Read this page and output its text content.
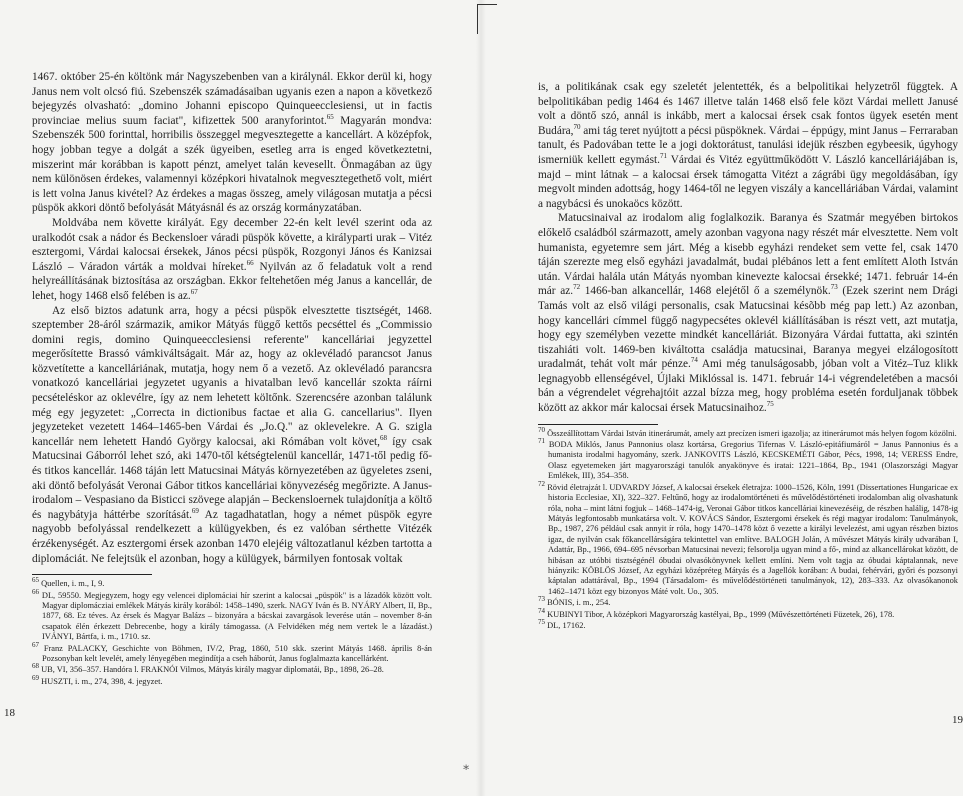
1467. október 25-én költönk már Nagyszebenben van a királynál. Ekkor derül ki, hogy Janus nem volt olcsó fiú. Szebenszék számadásaiban ugyanis ezen a napon a következő bejegyzés olvasható: „domino Johanni episcopo Quinqueecclesiensi, ut in factis provinciae melius suum faciat", kifizettek 500 aranyforintot.$^{65}$ Magyarán mondva: Szebenszék 500 forinttal, horribilis összeggel megvesztegette a kancellárt. A középfok, hogy jobban tegye a dolgát a szék ügyeiben, esetleg arra is enged következtetni, miszerint már korábban is kapott pénzt, amelyet talán kevesellt. Önmagában az ügy nem különösen érdekes, valamennyi középkori hivatalnok megvesztegethető volt, miért is lett volna Janus kivétel? Az érdekes a magas összeg, amely világosan mutatja a pécsi püspök akkori döntő befolyását Mátyásnál és az ország kormányzatában.

Moldvába nem követte királyát. Egy december 22-én kelt levél szerint oda az uralkodót csak a nádor és Beckensloer váradi püspök követte, a királyparti urak – Vitéz esztergomi, Várdai kalocsai érsekek, János pécsi püspök, Rozgonyi János és Kanizsai László – Váradon várták a moldvai híreket.$^{66}$ Nyilván az ő feladatuk volt a rend helyreállításának biztosítása az országban. Ekkor feltehetően még Janus a kancellár, de lehet, hogy 1468 első felében is az.$^{67}$

Az első biztos adatunk arra, hogy a pécsi püspök elvesztette tisztségét, 1468. szeptember 28-áról származik, amikor Mátyás függő kettős pecséttel és „Commissio domini regis, domino Quinqueecclesiensi referente" kancelláriai jegyzettel megerősítette Brassó vámkiváltságait. Már az, hogy az oklevéladó parancsot Janus közvetítette a kancelláriának, mutatja, hogy nem ő a vezető. Az oklevéladó parancsra vonatkozó kancelláriai jegyzetet ugyanis a hivatalban levő kancellár szokta ráírni pecsételéskor az oklevélre, így az nem lehetett költőnk. Szerencsére azonban találunk még egy jegyzetet: „Correcta in dictionibus factae et alia G. cancellarius". Ilyen jegyzeteket vezetett 1464–1465-ben Várdai és „Jo.Q." az oklevelekre. A G. szigla kancellár nem lehetett Handó György kalocsai, aki Rómában volt követ,$^{68}$ így csak Matucsinai Gáborról lehet szó, aki 1470-től kétségtelenül kancellár, 1471-től pedig fő- és titkos kancellár. 1468 táján lett Matucsinai Mátyás környezetében az ügyeletes zseni, aki döntő befolyását Veronai Gábor titkos kancelláriai könyvezéség megőrizte. A Janus-irodalom – Vespasiano da Bisticci szövege alapján – Beckensloernek tulajdonítja a költő és nagybátyja háttérbe szorítását.$^{69}$ Az tagadhatatlan, hogy a német püspök egyre nagyobb befolyással rendelkezett a külügyekben, és ez valóban sérthette Vitézék érzékenységét. Az esztergomi érsek azonban 1470 elejéig változatlanul kézben tartotta a diplomáciát. Ne felejtsük el azonban, hogy a külügyek, bármilyen fontosak voltak

$^{65}$ Quellen, i. m., I, 9.

$^{66}$ DL, 59550. Megjegyzem, hogy egy velencei diplomáciai hír szerint a kalocsai „püspök" is a lázadók között volt. Magyar diplomácziai emlékek Mátyás király korából: 1458–1490, szerk. NAGY Iván és B. NYÁRY Albert, II, Bp., 1877, 68. Ez téves. Az érsek és Magyar Balázs – bizonyára a bácskai zavargások leverése után – november 8-án csapatok élén érkezett Debrecenbe, hogy a király támogassa. (A Felvidéken még nem vertek le a lázadást.) IVÁNYI, Bártfa, i. m., 1710. sz.

$^{67}$ Franz PALACKY, Geschichte von Böhmen, IV/2, Prag, 1860, 510 skk. szerint Mátyás 1468. április 8-án Pozsonyban kelt levelét, amely lényegében megindítja a cseh háborút, Janus foglalmazta kancellárként.

$^{68}$ UB, VI, 356–357. Handóra l. FRAKNÓI Vilmos, Mátyás király magyar diplomatái, Bp., 1898, 26–28.

$^{69}$ HUSZTI, i. m., 274, 398, 4. jegyzet.

18

is, a politikának csak egy szeletét jelentették, és a belpolitikai helyzetről függtek. A belpolitikában pedig 1464 és 1467 illetve talán 1468 első fele közt Várdai mellett Janusé volt a döntő szó, annál is inkább, mert a kalocsai érsek csak fontos ügyek esetén ment Budára,$^{70}$ ami tág teret nyújtott a pécsi püspöknek. Várdai – éppúgy, mint Janus – Ferraraban tanult, és Padovában tette le a jogi doktorátust, tanulási idejük részben egybeesik, úgyhogy ismerniük kellett egymást.$^{71}$ Várdai és Vitéz együttműködött V. László kancelláriájában is, majd – mint látnak – a kalocsai érsek támogatta Vitézt a zágrábi ügy megoldásában, így megvolt minden adottság, hogy 1464-től ne legyen viszály a kancelláriában Várdai, valamint a nagybácsi és unokaöcs között.

Matucsinaival az irodalom alig foglalkozik. Baranya és Szatmár megyében birtokos előkelő családból származott, amely azonban vagyona nagy részét már elvesztette. Nem volt humanista, egyetemre sem járt. Még a kisebb egyházi rendeket sem vette fel, csak 1470 táján szerezte meg első egyházi javadalmát, budai plébános lett a fent említett Aloth István után. Várdai halála után Mátyás nyomban kinevezte kalocsai érsekké; 1471. február 14-én már az.$^{72}$ 1466-ban alkancellár, 1468 elejétől ő a személynök.$^{73}$ (Ezek szerint nem Drági Tamás volt az első világi personalis, csak Matucsinai késõbb még pap lett.) Az azonban, hogy kancellári címmel függő nagypecsétes oklevél kiállításában is részt vett, azt mutatja, hogy egy személyben vezette mindkét kancelláriát. Bizonyára Várdai futtatta, aki szintén tiszahiáti volt. 1469-ben kiváltotta családja matucsinai, Baranya megyei elzálogosított uradalmát, tehát volt már pénze.$^{74}$ Ami még tanulságosabb, jóban volt a Vitéz–Tuz klikk legnagyobb ellenségével, Újlaki Miklóssal is. 1471. február 14-i végrendeletében a macsói bán a végrendelet végrehajtóit azzal bízza meg, hogy probléma esetén forduljanak többek között az akkor már kalocsai érsek Matucsinaihoz.$^{75}$

$^{70}$ Összeállítottam Várdai István itinerárumát, amely azt precízen ismeri igazolja; az itinerárumot más helyen fogom közölni.

$^{71}$ BODA Miklós, Janus Pannonius olasz kortársa, Gregorius Tifernas V. László-epitáfiumáról = Janus Pannonius és a humanista irodalmi hagyomány, szerk. JANKOVITS László, KECSKEMÉTI Gábor, Pécs, 1998, 14; VERESS Endre, Olasz egyetemeken járt magyarországi tanulók anyakönyve és iratai: 1221–1864, Bp., 1941 (Olaszországi Magyar Emlékek, III), 354–358.

$^{72}$ Rövid életrajzát l. UDVARDY József, A kalocsai érsekek életrajza: 1000–1526, Köln, 1991 (Dissertationes Hungaricae ex historia Ecclesiae, XI), 322–327. Feltűnő, hogy az irodalomtörténeti és művelődéstörténeti irodalomban alig olvashatunk róla, noha – mint látni fogjuk – 1468–1474-ig, Veronai Gábor titkos kancelláriai kinevezéséig, de részben halálig, 1478-ig Mátyás legfontosabb munkatársa volt. V. KOVÁCS Sándor, Esztergomi érsekek és régi magyar irodalom: Tanulmányok, Bp., 1987, 276 például csak annyit ír róla, hogy 1470–1478 közt ő vezette a királyi levelezést, ami ugyan részben biztos igaz, de nyilván csak főkancellárságára tekintettel van említve. BALOGH Jolán, A művészet Mátyás király udvarában I, Adattár, Bp., 1966, 694–695 névsorban Matucsinai nevezi; felsorolja ugyan mind a fő-, mind az alkancellárokat között, de hibásan az utóbbi tisztségénél óbudai olvasókönyvnek kellett emlíni. Nem volt tagja az óbudai káptalannak, neve hiányzik: KÖBLÖS József, Az egyházi középréteg Mátyás és a Jagellók korában: A budai, fehérvári, győri és pozsonyi káptalan adattárával, Bp., 1994 (Társadalom- és művelődéstörténeti tanulmányok, 12), 283–333. Az olvasókanonok 1462–1471 közt egy bizonyos Máté volt. Uo., 305.

$^{73}$ BÓNIS, i. m., 254.

$^{74}$ KUBINYI Tibor, A középkori Magyarország kastélyai, Bp., 1999 (Művészettörténeti Füzetek, 26), 178.

$^{75}$ DL, 17162.

19
∗
